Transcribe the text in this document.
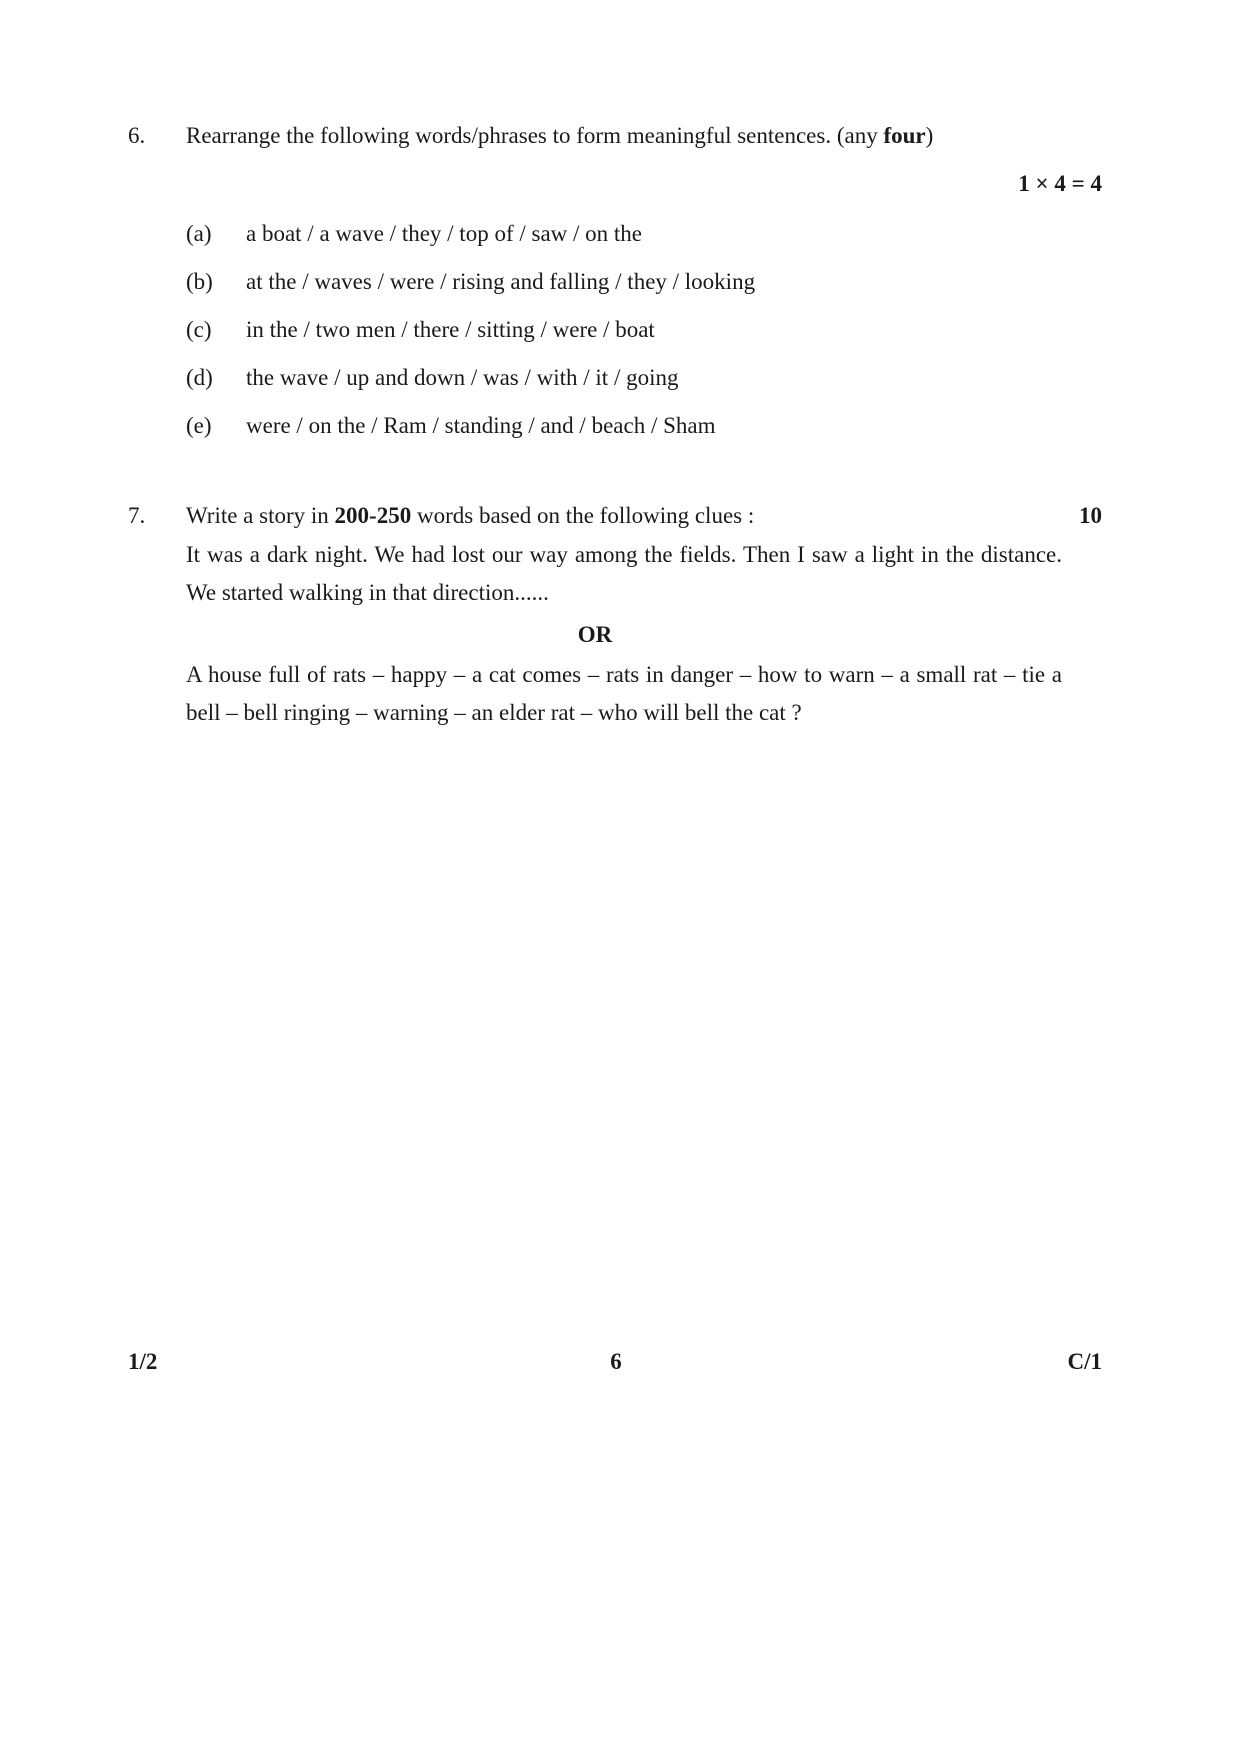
6. Rearrange the following words/phrases to form meaningful sentences. (any four)
1 × 4 = 4
(a) a boat / a wave / they / top of / saw / on the
(b) at the / waves / were / rising and falling / they / looking
(c) in the / two men / there / sitting / were / boat
(d) the wave / up and down / was / with / it / going
(e) were / on the / Ram / standing / and / beach / Sham
7. Write a story in 200-250 words based on the following clues :	10
It was a dark night. We had lost our way among the fields. Then I saw a light in the distance. We started walking in that direction......
OR
A house full of rats – happy – a cat comes – rats in danger – how to warn – a small rat – tie a bell – bell ringing – warning – an elder rat – who will bell the cat ?
1/2	6	C/1
